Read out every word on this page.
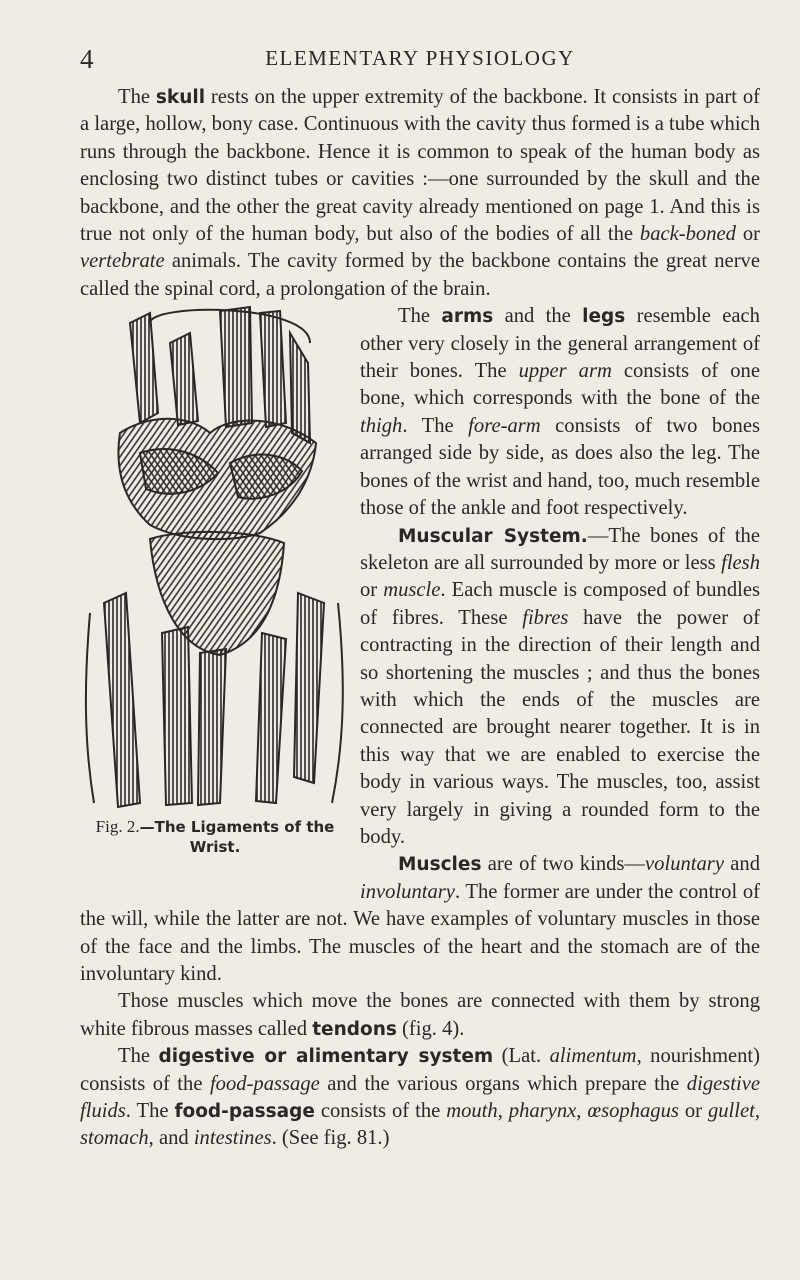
4	ELEMENTARY PHYSIOLOGY

The skull rests on the upper extremity of the backbone. It consists in part of a large, hollow, bony case. Continuous with the cavity thus formed is a tube which runs through the backbone. Hence it is common to speak of the human body as enclosing two distinct tubes or cavities :—one surrounded by the skull and the backbone, and the other the great cavity already mentioned on page 1. And this is true not only of the human body, but also of the bodies of all the back-boned or vertebrate animals. The cavity formed by the backbone contains the great nerve called the spinal cord, a prolongation of the brain.

Fig. 2.—The Ligaments of the Wrist.

The arms and the legs resemble each other very closely in the general arrangement of their bones. The upper arm consists of one bone, which corresponds with the bone of the thigh. The fore-arm consists of two bones arranged side by side, as does also the leg. The bones of the wrist and hand, too, much resemble those of the ankle and foot respectively.

Muscular System.—The bones of the skeleton are all surrounded by more or less flesh or muscle. Each muscle is composed of bundles of fibres. These fibres have the power of contracting in the direction of their length and so shortening the muscles ; and thus the bones with which the ends of the muscles are connected are brought nearer together. It is in this way that we are enabled to exercise the body in various ways. The muscles, too, assist very largely in giving a rounded form to the body.

Muscles are of two kinds—voluntary and involuntary. The former are under the control of the will, while the latter are not. We have examples of voluntary muscles in those of the face and the limbs. The muscles of the heart and the stomach are of the involuntary kind.

Those muscles which move the bones are connected with them by strong white fibrous masses called tendons (fig. 4).

The digestive or alimentary system (Lat. alimentum, nourishment) consists of the food-passage and the various organs which prepare the digestive fluids. The food-passage consists of the mouth, pharynx, œsophagus or gullet, stomach, and intestines. (See fig. 81.)
